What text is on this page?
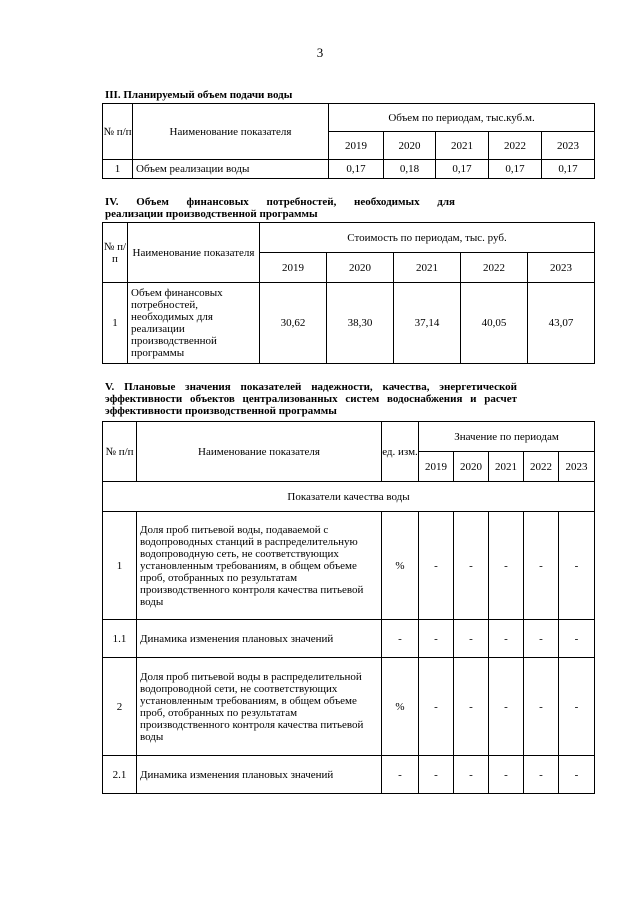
3
III. Планируемый объем подачи воды
№ п/п	Наименование показателя	Объем по периодам, тыс.куб.м.				
		2019	2020	2021	2022	2023
1	Объем реализации воды	0,17	0,18	0,17	0,17	0,17
IV. Объем финансовых потребностей, необходимых для
реализации производственной программы
№ п/п	Наименование показателя	Стоимость по периодам, тыс. руб.				
		2019	2020	2021	2022	2023
1	Объем финансовых потребностей, необходимых для реализации производственной программы	30,62	38,30	37,14	40,05	43,07
V. Плановые значения показателей надежности, качества, энергетической
эффективности объектов централизованных систем водоснабжения и расчет
эффективности производственной программы
№ п/п	Наименование показателя	ед. изм.	Значение по периодам				
			2019	2020	2021	2022	2023
Показатели качества воды							
1	Доля проб питьевой воды, подаваемой с водопроводных станций в распределительную водопроводную сеть, не соответствующих установленным требованиям, в общем объеме проб, отобранных по результатам производственного контроля качества питьевой воды	%	-	-	-	-	-
1.1	Динамика изменения плановых значений	-	-	-	-	-	-
2	Доля проб питьевой воды в распределительной водопроводной сети, не соответствующих установленным требованиям, в общем объеме проб, отобранных по результатам производственного контроля качества питьевой воды	%	-	-	-	-	-
2.1	Динамика изменения плановых значений	-	-	-	-	-	-
